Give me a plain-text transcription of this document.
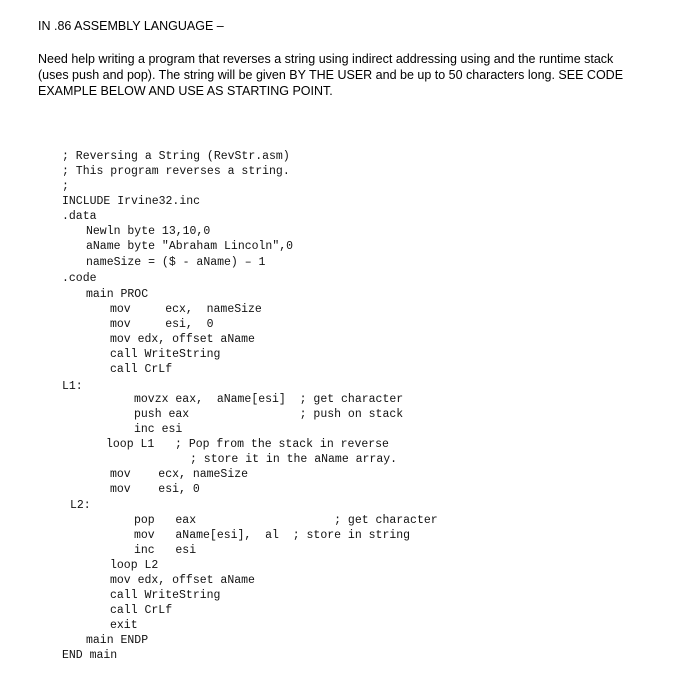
IN .86 ASSEMBLY LANGUAGE –

Need help writing a program that reverses a string using indirect addressing using and the runtime stack

(uses push and pop). The string will be given BY THE USER and be up to 50 characters long. SEE CODE

EXAMPLE BELOW AND USE AS STARTING POINT.

; Reversing a String (RevStr.asm)
; This program reverses a string.
;
INCLUDE Irvine32.inc
.data
Newln byte 13,10,0
aName byte "Abraham Lincoln",0
nameSize = ($ - aName) – 1
.code
main PROC
mov     ecx,  nameSize
mov     esi,  0
mov edx, offset aName
call WriteString
call CrLf
L1:
movzx eax,  aName[esi]  ; get character
push eax                ; push on stack
inc esi
loop L1   ; Pop from the stack in reverse
; store it in the aName array.
mov    ecx, nameSize
mov    esi, 0
L2:
pop   eax                    ; get character
mov   aName[esi],  al  ; store in string
inc   esi
loop L2
mov edx, offset aName
call WriteString
call CrLf
exit
main ENDP
END main
